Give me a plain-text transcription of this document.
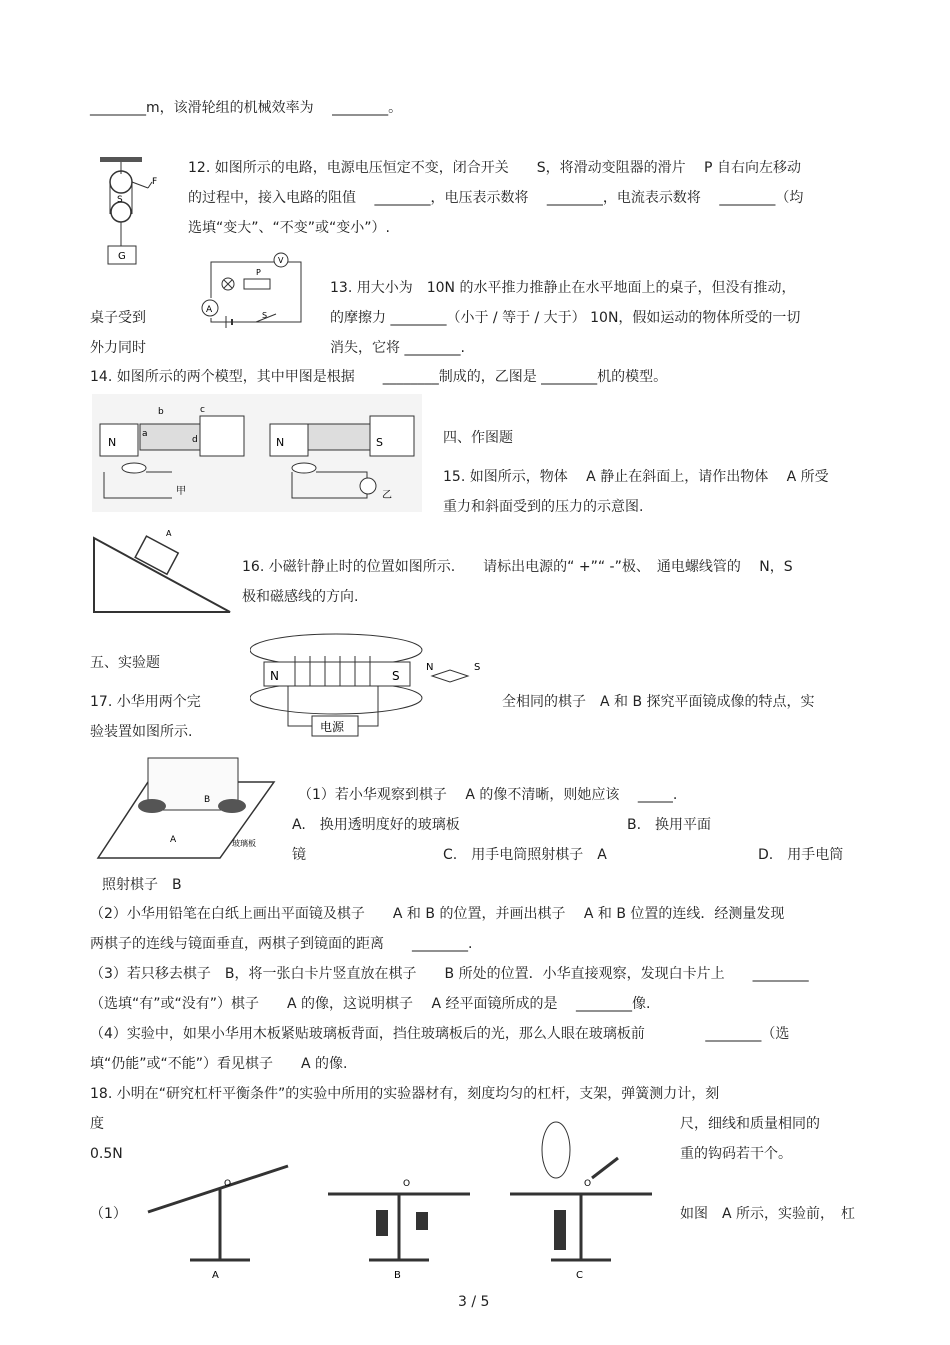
________m，该滑轮组的机械效率为　 ________。
12. 如图所示的电路，电源电压恒定不变，闭合开关　　S，将滑动变阻器的滑片　 P 自右向左移动
的过程中，接入电路的阻值　 ________，电压表示数将　 ________，电流表示数将　 ________（均
选填“变大”、“不变”或“变小”）.
13. 用大小为　10N 的水平推力推静止在水平地面上的桌子，但没有推动，
桌子受到	的摩擦力 ________（小于 / 等于 / 大于） 10N，假如运动的物体所受的一切
外力同时	消失，它将 ________.
14. 如图所示的两个模型，其中甲图是根据　　________制成的，乙图是 ________机的模型。
四、作图题
15. 如图所示，物体　 A 静止在斜面上，请作出物体　 A 所受
重力和斜面受到的压力的示意图.
16. 小磁针静止时的位置如图所示.　　请标出电源的“ +”“ -”极、　通电螺线管的　 N，S
极和磁感线的方向.
五、实验题
17. 小华用两个完	全相同的棋子　A 和 B 探究平面镜成像的特点，实
验装置如图所示.
（1）若小华观察到棋子　 A 的像不清晰，则她应该　 _____.
A.　换用透明度好的玻璃板	B.　换用平面
镜	C.　用手电筒照射棋子　A	D.　用手电筒
照射棋子　B
（2）小华用铅笔在白纸上画出平面镜及棋子　　A 和 B 的位置，并画出棋子　 A 和 B 位置的连线．经测量发现
两棋子的连线与镜面垂直，两棋子到镜面的距离　　________.
（3）若只移去棋子　B，将一张白卡片竖直放在棋子　　B 所处的位置．小华直接观察，发现白卡片上　　________
（选填“有”或“没有”）棋子　　A 的像，这说明棋子　 A 经平面镜所成的是　 ________像.
（4）实验中，如果小华用木板紧贴玻璃板背面，挡住玻璃板后的光，那么人眼在玻璃板前　　　　 ________（选
填“仍能”或“不能”）看见棋子　　A 的像.
18. 小明在“研究杠杆平衡条件”的实验中所用的实验器材有，刻度均匀的杠杆，支架，弹簧测力计，刻
度	尺，细线和质量相同的
0.5N	重的钩码若干个。
（1）	如图　A 所示，实验前，　杠
3 / 5
F
S
G
A
P
V
S
N
b	c
a
d
甲
N	S
乙
A
N	S
电源
N	S
B
A	玻璃板
O
A
O
B
O
C
